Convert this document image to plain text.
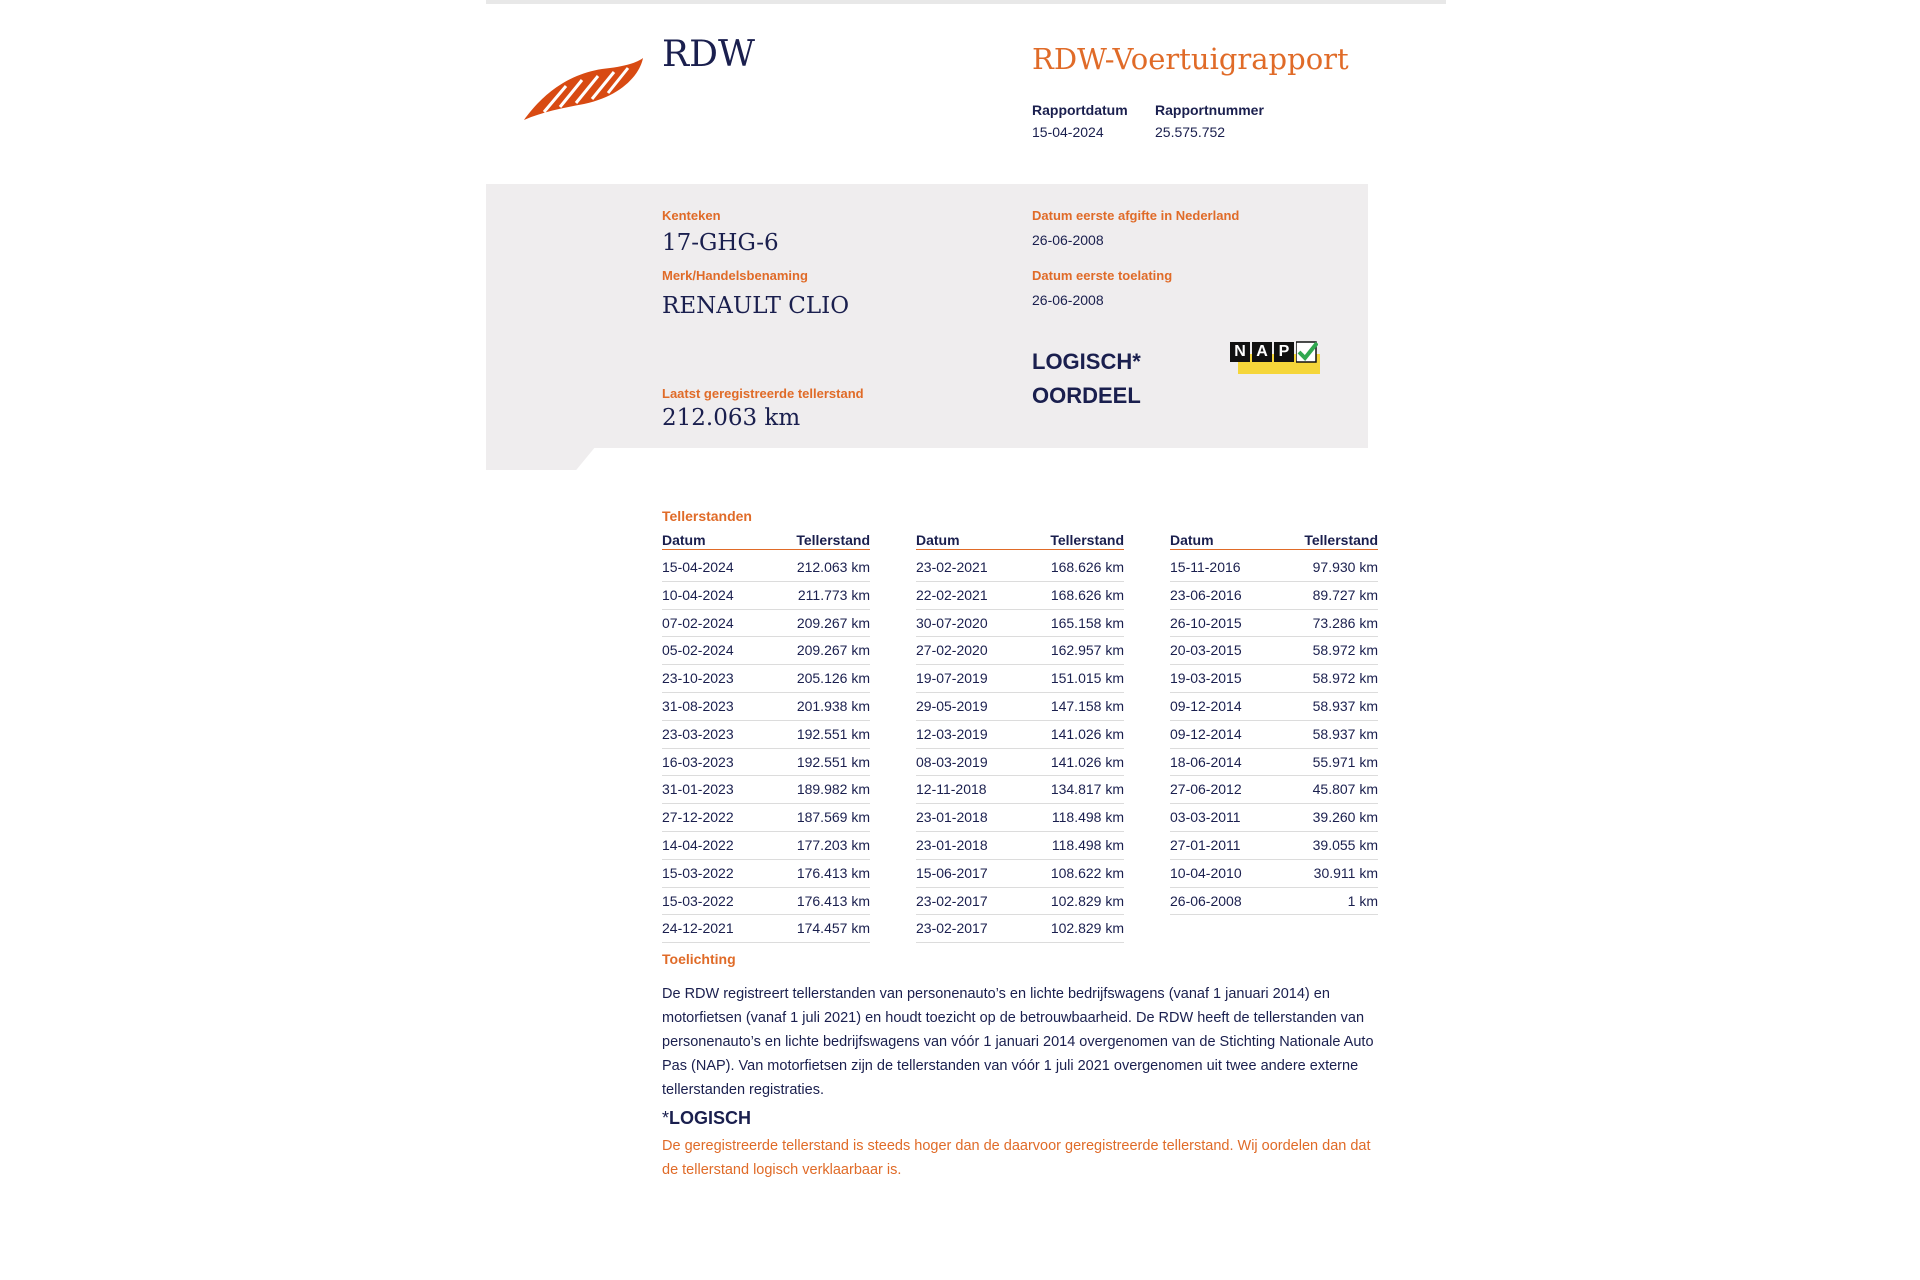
RDW	RDW-Voertuigrapport
Rapportdatum
15-04-2024
Rapportnummer
25.575.752
Kenteken
17-GHG-6
Merk/Handelsbenaming
RENAULT CLIO
Laatst geregistreerde tellerstand
212.063 km
Datum eerste afgifte in Nederland
26-06-2008
Datum eerste toelating
26-06-2008
LOGISCH*
OORDEEL
N A P
Tellerstanden
Datum	Tellerstand
15-04-2024	212.063 km
10-04-2024	211.773 km
07-02-2024	209.267 km
05-02-2024	209.267 km
23-10-2023	205.126 km
31-08-2023	201.938 km
23-03-2023	192.551 km
16-03-2023	192.551 km
31-01-2023	189.982 km
27-12-2022	187.569 km
14-04-2022	177.203 km
15-03-2022	176.413 km
15-03-2022	176.413 km
24-12-2021	174.457 km
Datum	Tellerstand
23-02-2021	168.626 km
22-02-2021	168.626 km
30-07-2020	165.158 km
27-02-2020	162.957 km
19-07-2019	151.015 km
29-05-2019	147.158 km
12-03-2019	141.026 km
08-03-2019	141.026 km
12-11-2018	134.817 km
23-01-2018	118.498 km
23-01-2018	118.498 km
15-06-2017	108.622 km
23-02-2017	102.829 km
23-02-2017	102.829 km
Datum	Tellerstand
15-11-2016	97.930 km
23-06-2016	89.727 km
26-10-2015	73.286 km
20-03-2015	58.972 km
19-03-2015	58.972 km
09-12-2014	58.937 km
09-12-2014	58.937 km
18-06-2014	55.971 km
27-06-2012	45.807 km
03-03-2011	39.260 km
27-01-2011	39.055 km
10-04-2010	30.911 km
26-06-2008	1 km
Toelichting

De RDW registreert tellerstanden van personenauto’s en lichte bedrijfswagens (vanaf 1 januari 2014) en motorfietsen (vanaf 1 juli 2021) en houdt toezicht op de betrouwbaarheid. De RDW heeft de tellerstanden van personenauto’s en lichte bedrijfswagens van vóór 1 januari 2014 overgenomen van de Stichting Nationale Auto Pas (NAP). Van motorfietsen zijn de tellerstanden van vóór 1 juli 2021 overgenomen uit twee andere externe tellerstanden registraties.

*LOGISCH

De geregistreerde tellerstand is steeds hoger dan de daarvoor geregistreerde tellerstand. Wij oordelen dan dat de tellerstand logisch verklaarbaar is.
